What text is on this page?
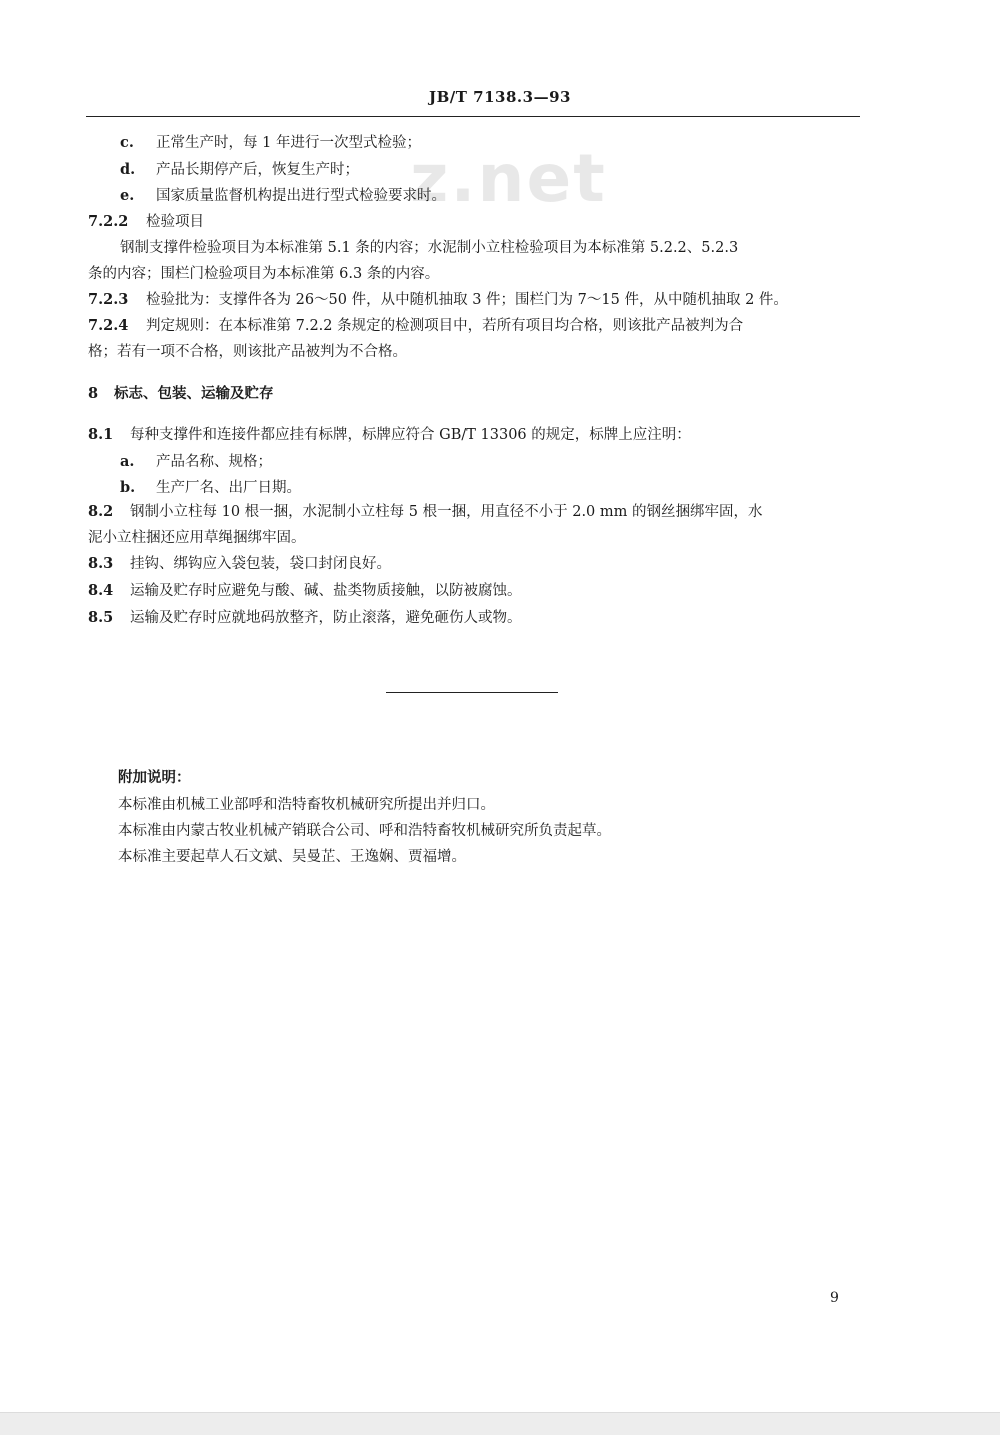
JB/T 7138.3—93
z.net
c. 正常生产时，每 1 年进行一次型式检验；
d. 产品长期停产后，恢复生产时；
e. 国家质量监督机构提出进行型式检验要求时。
7.2.2 检验项目
钢制支撑件检验项目为本标准第 5.1 条的内容；水泥制小立柱检验项目为本标准第 5.2.2、5.2.3
条的内容；围栏门检验项目为本标准第 6.3 条的内容。
7.2.3 检验批为：支撑件各为 26～50 件，从中随机抽取 3 件；围栏门为 7～15 件，从中随机抽取 2 件。
7.2.4 判定规则：在本标准第 7.2.2 条规定的检测项目中，若所有项目均合格，则该批产品被判为合
格；若有一项不合格，则该批产品被判为不合格。
8 标志、包装、运输及贮存
8.1 每种支撑件和连接件都应挂有标牌，标牌应符合 GB/T 13306 的规定，标牌上应注明：
a. 产品名称、规格；
b. 生产厂名、出厂日期。
8.2 钢制小立柱每 10 根一捆，水泥制小立柱每 5 根一捆，用直径不小于 2.0 mm 的钢丝捆绑牢固，水
泥小立柱捆还应用草绳捆绑牢固。
8.3 挂钩、绑钩应入袋包装，袋口封闭良好。
8.4 运输及贮存时应避免与酸、碱、盐类物质接触，以防被腐蚀。
8.5 运输及贮存时应就地码放整齐，防止滚落，避免砸伤人或物。
附加说明：
本标准由机械工业部呼和浩特畜牧机械研究所提出并归口。
本标准由内蒙古牧业机械产销联合公司、呼和浩特畜牧机械研究所负责起草。
本标准主要起草人石文斌、吴曼芷、王逸娴、贾福增。
9
